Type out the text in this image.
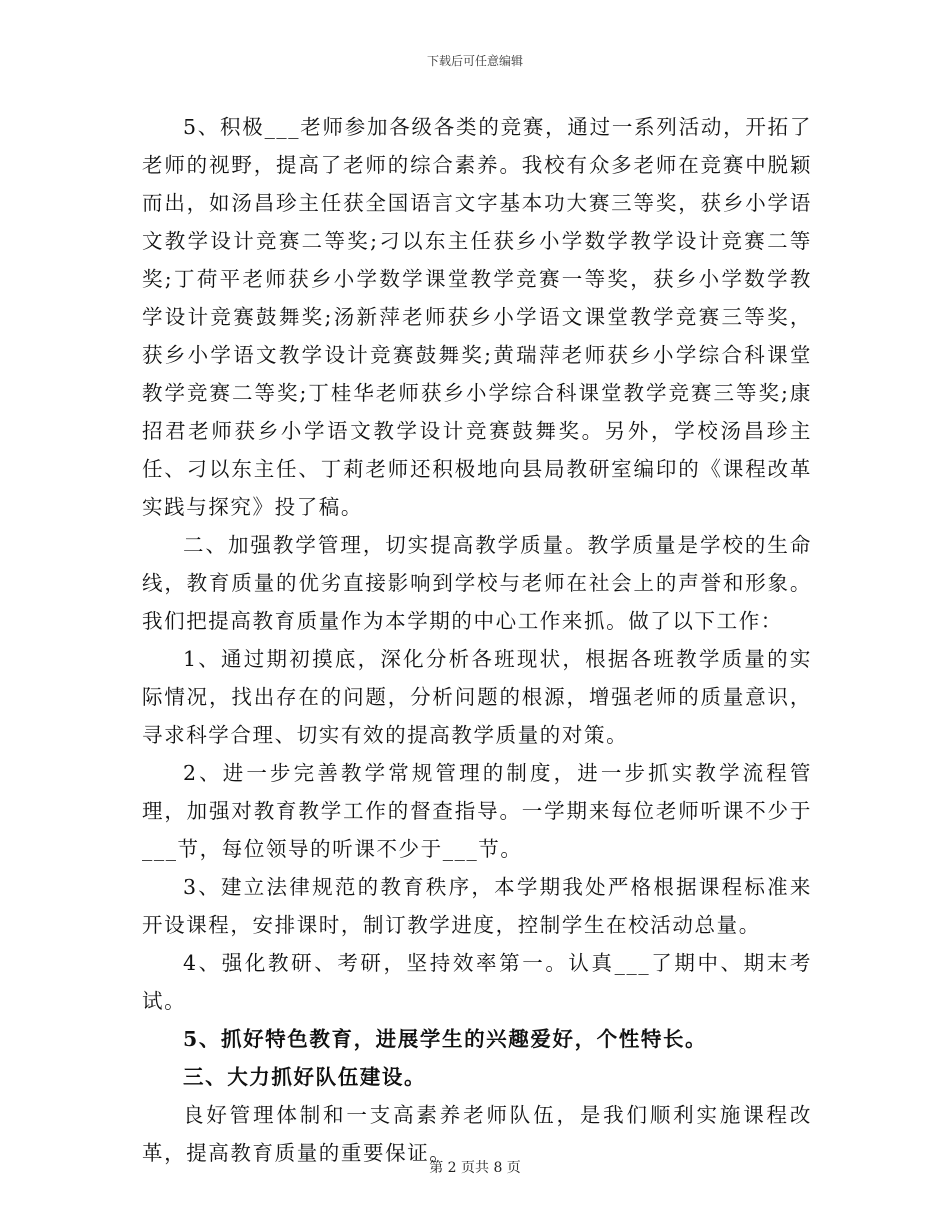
下载后可任意编辑

5、积极___老师参加各级各类的竞赛，通过一系列活动，开拓了老师的视野，提高了老师的综合素养。我校有众多老师在竞赛中脱颖而出，如汤昌珍主任获全国语言文字基本功大赛三等奖，获乡小学语文教学设计竞赛二等奖;刁以东主任获乡小学数学教学设计竞赛二等奖;丁荷平老师获乡小学数学课堂教学竞赛一等奖，获乡小学数学教学设计竞赛鼓舞奖;汤新萍老师获乡小学语文课堂教学竞赛三等奖，获乡小学语文教学设计竞赛鼓舞奖;黄瑞萍老师获乡小学综合科课堂教学竞赛二等奖;丁桂华老师获乡小学综合科课堂教学竞赛三等奖;康招君老师获乡小学语文教学设计竞赛鼓舞奖。另外，学校汤昌珍主任、刁以东主任、丁莉老师还积极地向县局教研室编印的《课程改革实践与探究》投了稿。

二、加强教学管理，切实提高教学质量。教学质量是学校的生命线，教育质量的优劣直接影响到学校与老师在社会上的声誉和形象。我们把提高教育质量作为本学期的中心工作来抓。做了以下工作：

1、通过期初摸底，深化分析各班现状，根据各班教学质量的实际情况，找出存在的问题，分析问题的根源，增强老师的质量意识，寻求科学合理、切实有效的提高教学质量的对策。

2、进一步完善教学常规管理的制度，进一步抓实教学流程管理，加强对教育教学工作的督查指导。一学期来每位老师听课不少于___节，每位领导的听课不少于___节。

3、建立法律规范的教育秩序，本学期我处严格根据课程标准来开设课程，安排课时，制订教学进度，控制学生在校活动总量。

4、强化教研、考研，坚持效率第一。认真___了期中、期末考试。

5、抓好特色教育，进展学生的兴趣爱好，个性特长。

三、大力抓好队伍建设。

良好管理体制和一支高素养老师队伍，是我们顺利实施课程改革，提高教育质量的重要保证。

第 2 页共 8 页
